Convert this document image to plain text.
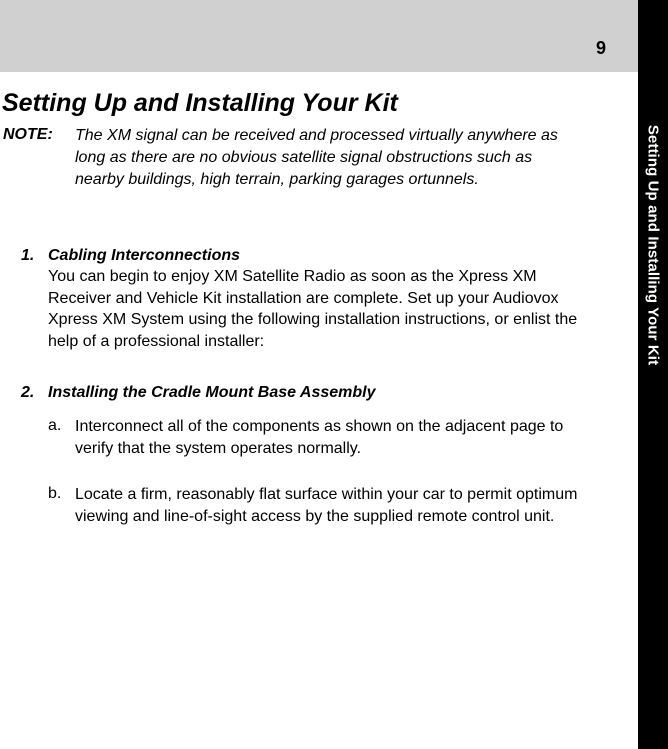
9
Setting Up and Installing Your Kit
Setting Up and Installing Your Kit
NOTE: The XM signal can be received and processed virtually anywhere as long as there are no obvious satellite signal obstructions such as nearby buildings, high terrain, parking garages ortunnels.
1. Cabling Interconnections
You can begin to enjoy XM Satellite Radio as soon as the Xpress XM Receiver and Vehicle Kit installation are complete. Set up your Audiovox Xpress XM System using the following installation instructions, or enlist the help of a professional installer:
2. Installing the Cradle Mount Base Assembly
a. Interconnect all of the components as shown on the adjacent page to verify that the system operates normally.
b. Locate a firm, reasonably flat surface within your car to permit optimum viewing and line-of-sight access by the supplied remote control unit.
